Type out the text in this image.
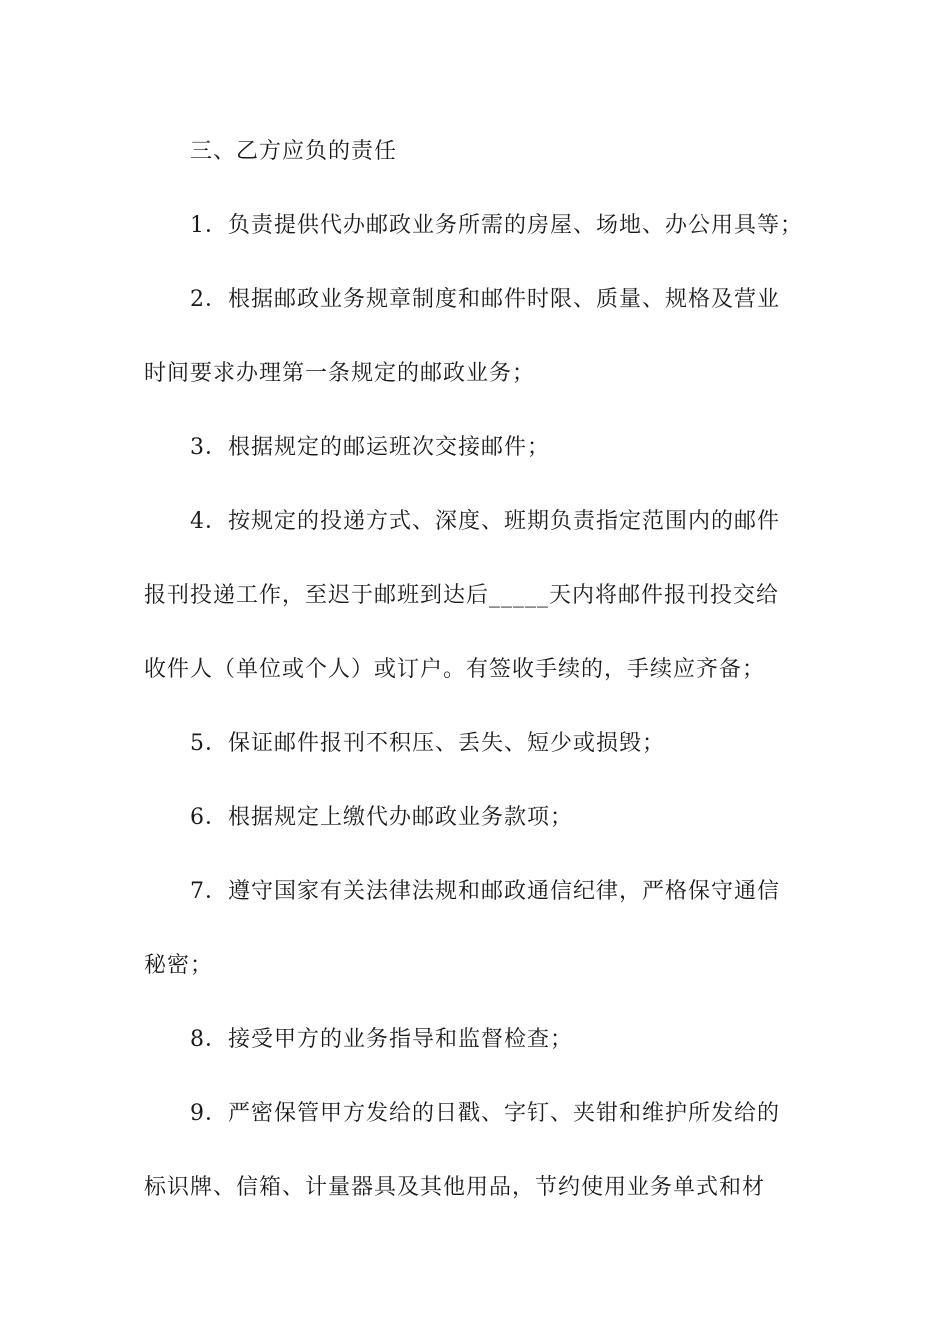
三、乙方应负的责任
1．负责提供代办邮政业务所需的房屋、场地、办公用具等；
2．根据邮政业务规章制度和邮件时限、质量、规格及营业
时间要求办理第一条规定的邮政业务；
3．根据规定的邮运班次交接邮件；
4．按规定的投递方式、深度、班期负责指定范围内的邮件
报刊投递工作，至迟于邮班到达后_____天内将邮件报刊投交给
收件人（单位或个人）或订户。有签收手续的，手续应齐备；
5．保证邮件报刊不积压、丢失、短少或损毁；
6．根据规定上缴代办邮政业务款项；
7．遵守国家有关法律法规和邮政通信纪律，严格保守通信
秘密；
8．接受甲方的业务指导和监督检查；
9．严密保管甲方发给的日戳、字钉、夹钳和维护所发给的
标识牌、信箱、计量器具及其他用品，节约使用业务单式和材
